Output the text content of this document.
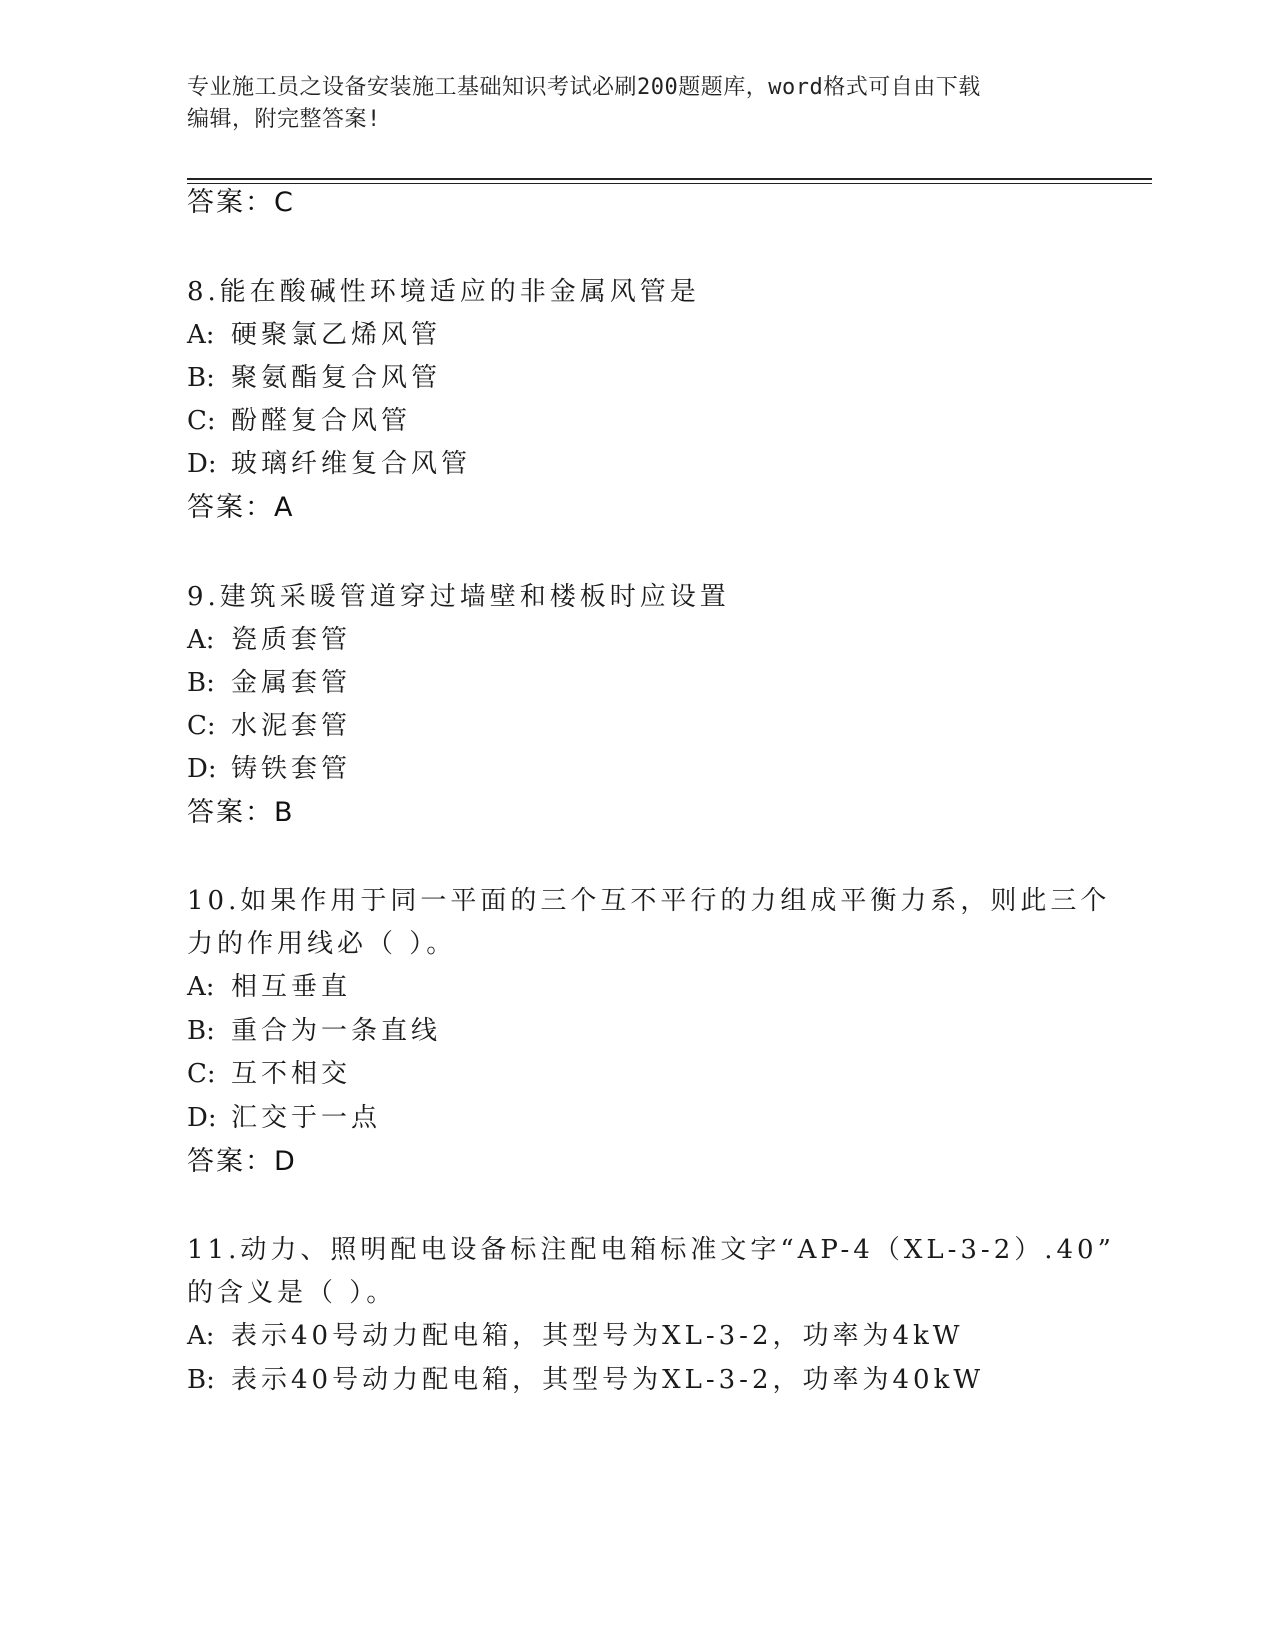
专业施工员之设备安装施工基础知识考试必刷200题题库，word格式可自由下载
编辑，附完整答案!
答案：C
8.能在酸碱性环境适应的非金属风管是
A: 硬聚氯乙烯风管
B: 聚氨酯复合风管
C: 酚醛复合风管
D: 玻璃纤维复合风管
答案：A
9.建筑采暖管道穿过墙壁和楼板时应设置
A: 瓷质套管
B: 金属套管
C: 水泥套管
D: 铸铁套管
答案：B
10.如果作用于同一平面的三个互不平行的力组成平衡力系，则此三个
力的作用线必（ ）。
A: 相互垂直
B: 重合为一条直线
C: 互不相交
D: 汇交于一点
答案：D
11.动力、照明配电设备标注配电箱标准文字“AP-4（XL-3-2）.40”
的含义是（ ）。
A: 表示40号动力配电箱，其型号为XL-3-2，功率为4kW
B: 表示40号动力配电箱，其型号为XL-3-2，功率为40kW
